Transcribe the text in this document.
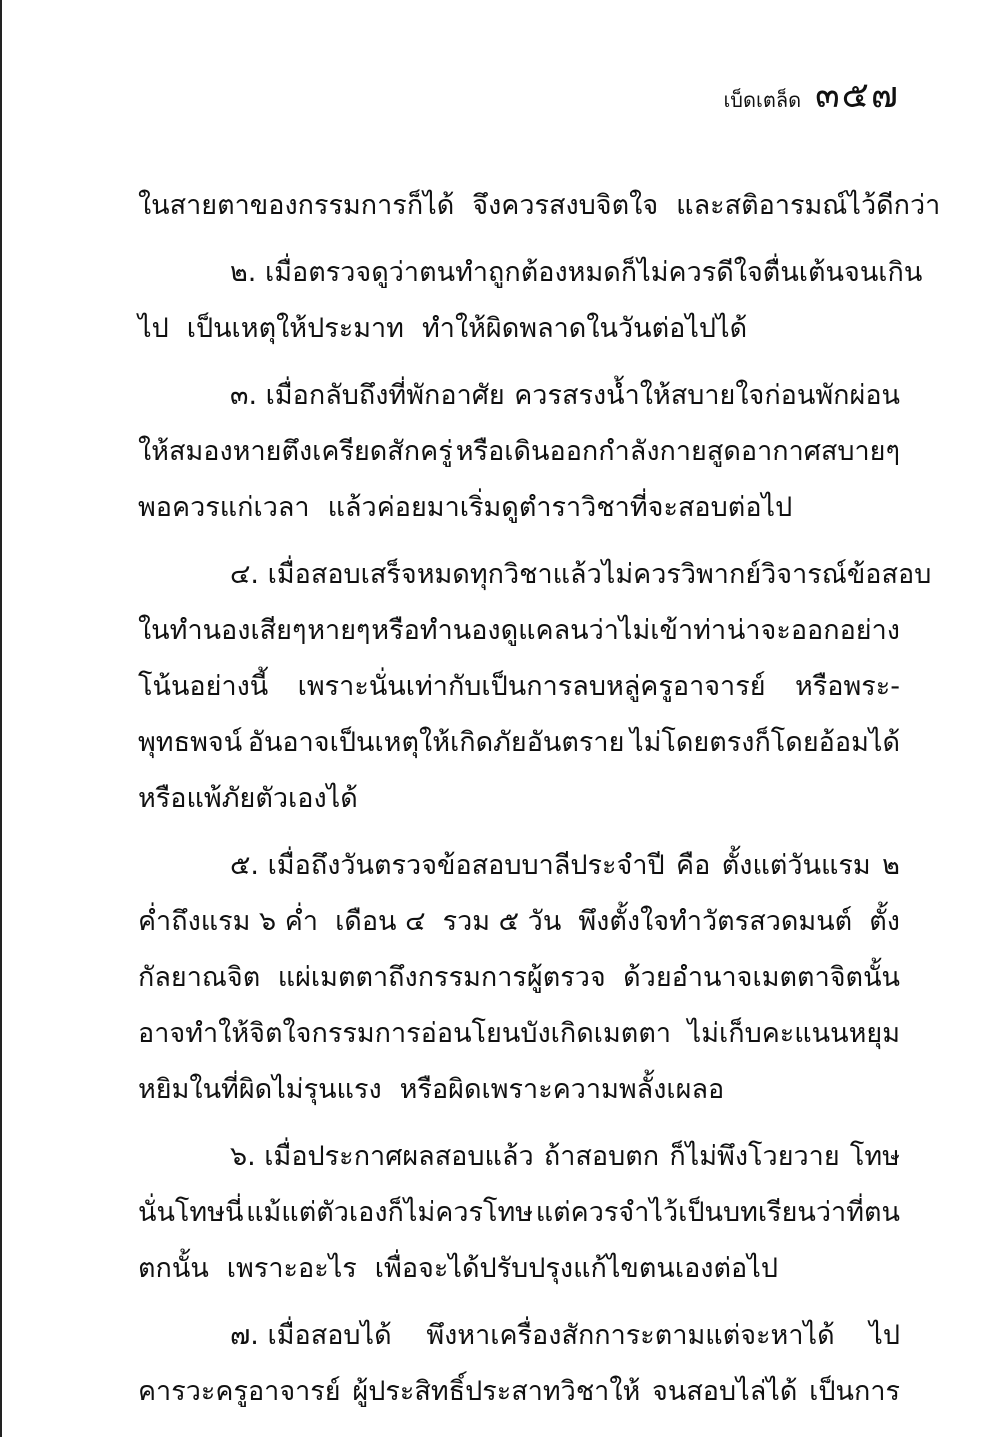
เบ็ดเตล็ด ๓๕๗
ในสายตาของกรรมการก็ได้ จึงควรสงบจิตใจ และสติอารมณ์ไว้ดีกว่า
๒. เมื่อตรวจดูว่าตนทำถูกต้องหมด ก็ไม่ควรดีใจตื่นเต้นจนเกิน
ไป เป็นเหตุให้ประมาท ทำให้ผิดพลาดในวันต่อไปได้
๓. เมื่อกลับถึงที่พักอาศัย ควรสรงน้ำให้สบายใจก่อนพักผ่อน
ให้สมองหายตึงเครียดสักครู่ หรือเดินออกกำลังกายสูดอากาศสบายๆ
พอควรแก่เวลา แล้วค่อยมาเริ่มดูตำราวิชาที่จะสอบต่อไป
๔. เมื่อสอบเสร็จหมดทุกวิชาแล้ว ไม่ควรวิพากย์วิจารณ์ข้อสอบ
ในทำนองเสียๆ หายๆ หรือทำนองดูแคลนว่าไม่เข้าท่า น่าจะออกอย่าง
โน้นอย่างนี้ เพราะนั่นเท่ากับเป็นการลบหลู่ครูอาจารย์ หรือพระ-
พุทธพจน์ อันอาจเป็นเหตุให้เกิดภัยอันตราย ไม่โดยตรงก็โดยอ้อมได้
หรือแพ้ภัยตัวเองได้
๕. เมื่อถึงวันตรวจข้อสอบบาลีประจำปี คือ ตั้งแต่วันแรม ๒
ค่ำถึงแรม ๖ ค่ำ เดือน ๔ รวม ๕ วัน พึงตั้งใจทำวัตรสวดมนต์ ตั้ง
กัลยาณจิต แผ่เมตตาถึงกรรมการผู้ตรวจ ด้วยอำนาจเมตตาจิตนั้น
อาจทำให้จิตใจกรรมการอ่อนโยนบังเกิดเมตตา ไม่เก็บคะแนนหยุม
หยิมในที่ผิดไม่รุนแรง หรือผิดเพราะความพลั้งเผลอ
๖. เมื่อประกาศผลสอบแล้ว ถ้าสอบตก ก็ไม่พึงโวยวาย โทษ
นั่นโทษนี่ แม้แต่ตัวเองก็ไม่ควรโทษ แต่ควรจำไว้เป็นบทเรียนว่าที่ตน
ตกนั้น เพราะอะไร เพื่อจะได้ปรับปรุงแก้ไขตนเองต่อไป
๗. เมื่อสอบได้ พึงหาเครื่องสักการะตามแต่จะหาได้ ไป
คารวะครูอาจารย์ ผู้ประสิทธิ์ประสาทวิชาให้ จนสอบไล่ได้ เป็นการ
